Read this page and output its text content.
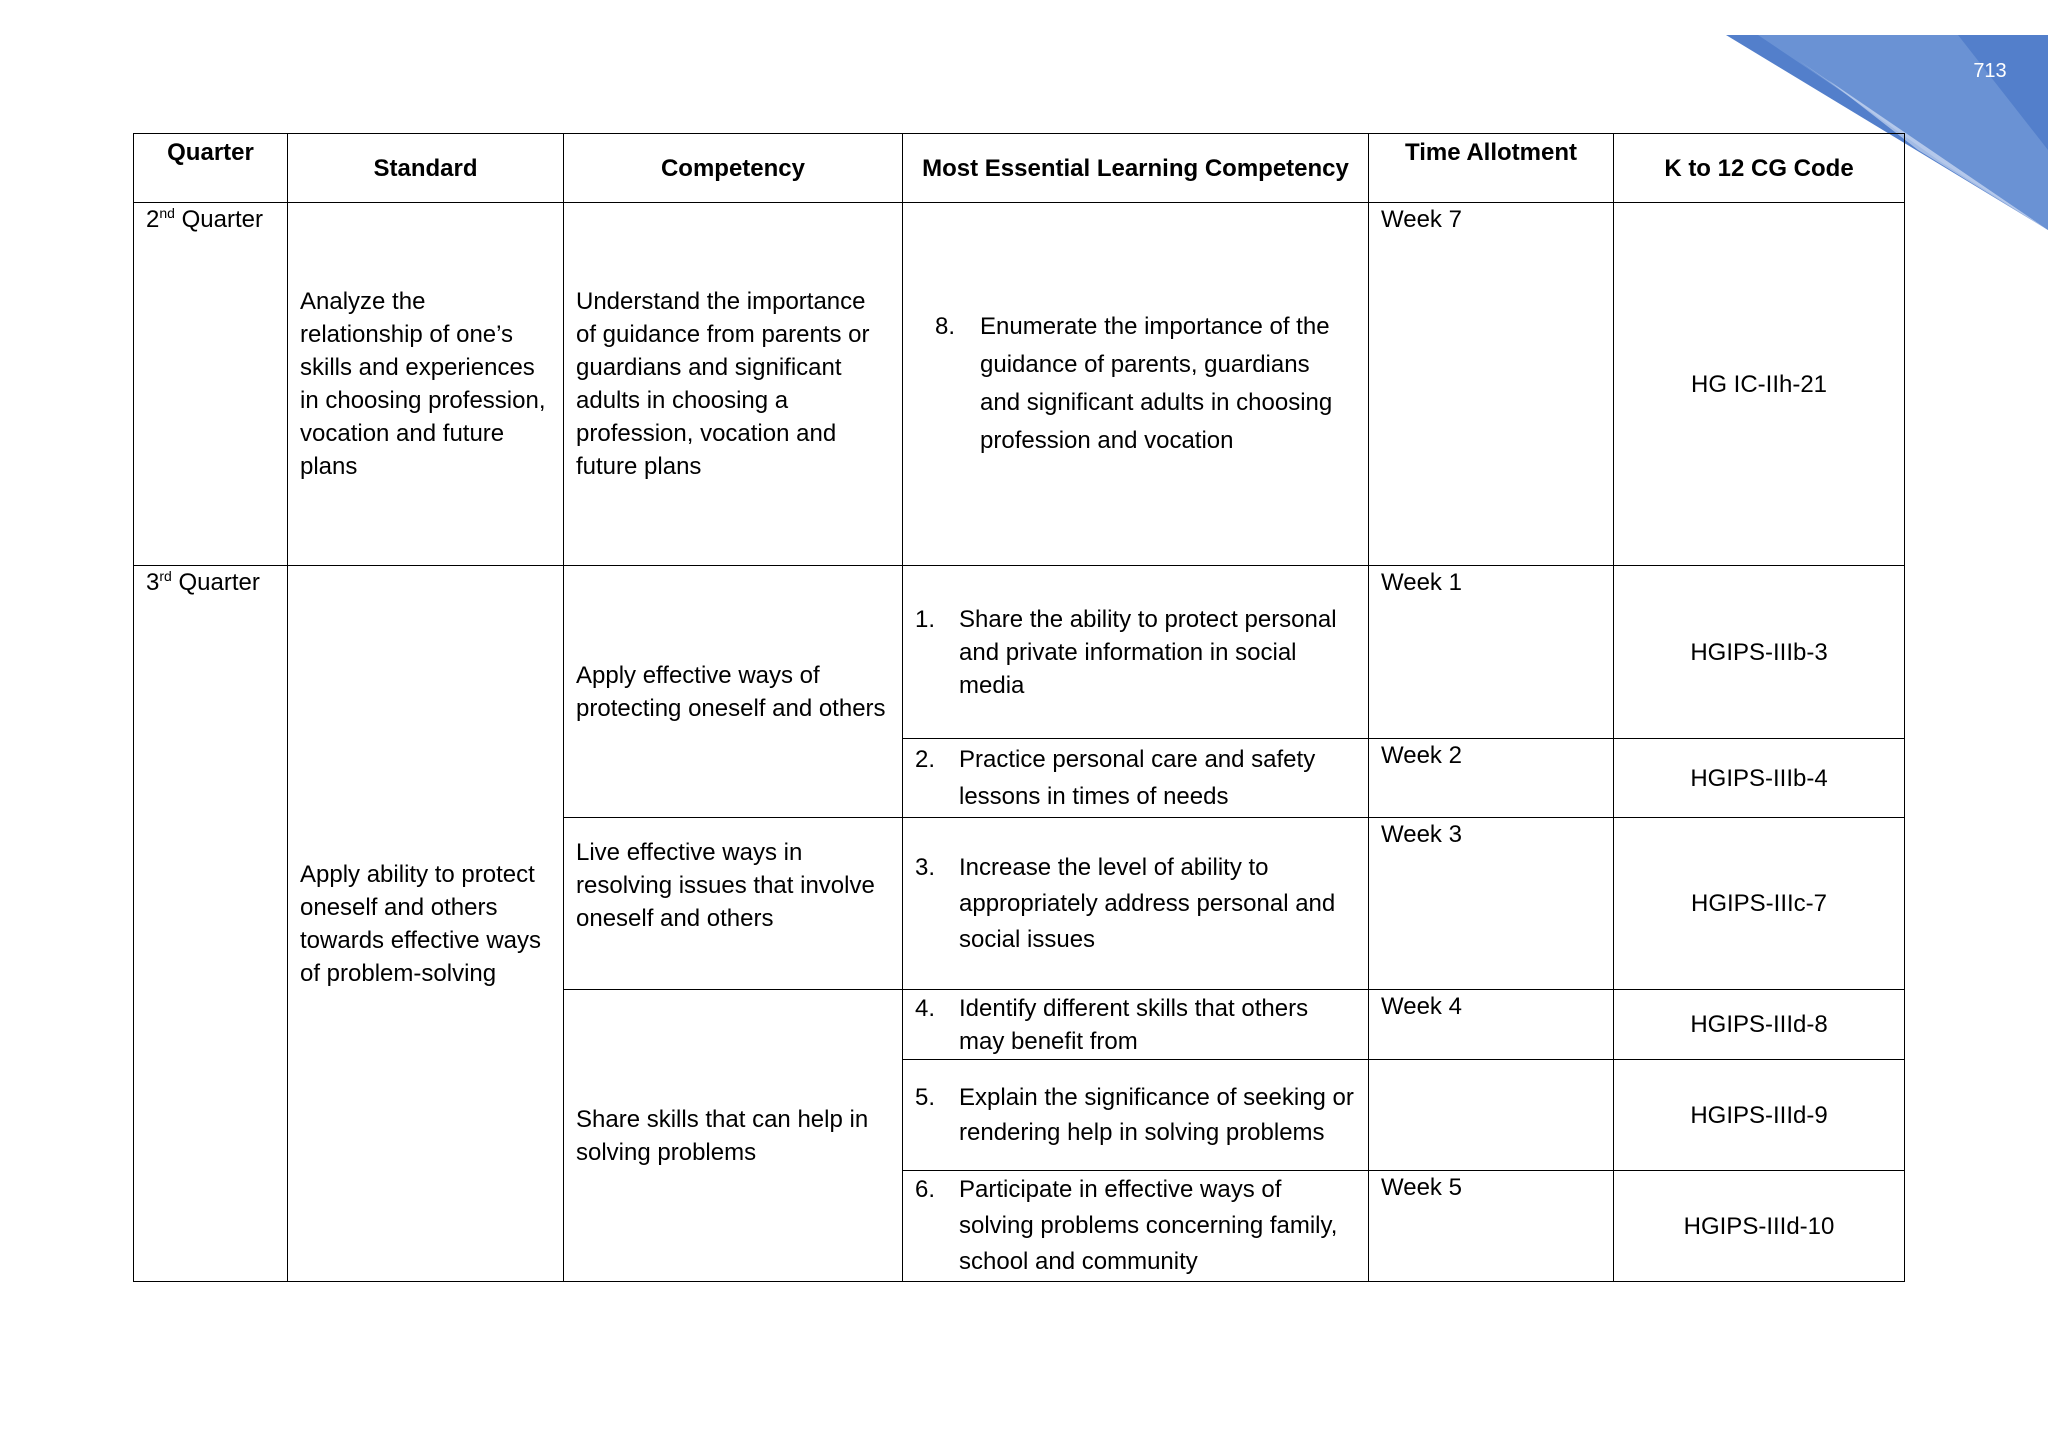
713
Quarter	Standard	Competency	Most Essential Learning Competency	Time Allotment	K to 12 CG Code
2nd Quarter	Analyze the relationship of one’s skills and experiences in choosing profession, vocation and future plans	Understand the importance of guidance from parents or guardians and significant adults in choosing a profession, vocation and future plans	8. Enumerate the importance of the guidance of parents, guardians and significant adults in choosing profession and vocation	Week 7	HG IC-IIh-21
3rd Quarter	Apply ability to protect oneself and others towards effective ways of problem-solving	Apply effective ways of protecting oneself and others	1. Share the ability to protect personal and private information in social media	Week 1	HGIPS-IIIb-3

			2. Practice personal care and safety lessons in times of needs	Week 2	HGIPS-IIIb-4
		Live effective ways in resolving issues that involve oneself and others	3. Increase the level of ability to appropriately address personal and social issues	Week 3	HGIPS-IIIc-7
		Share skills that can help in solving problems	4. Identify different skills that others may benefit from	Week 4	HGIPS-IIId-8

			5. Explain the significance of seeking or rendering help in solving problems		HGIPS-IIId-9

			6. Participate in effective ways of solving problems concerning family, school and community	Week 5	HGIPS-IIId-10
